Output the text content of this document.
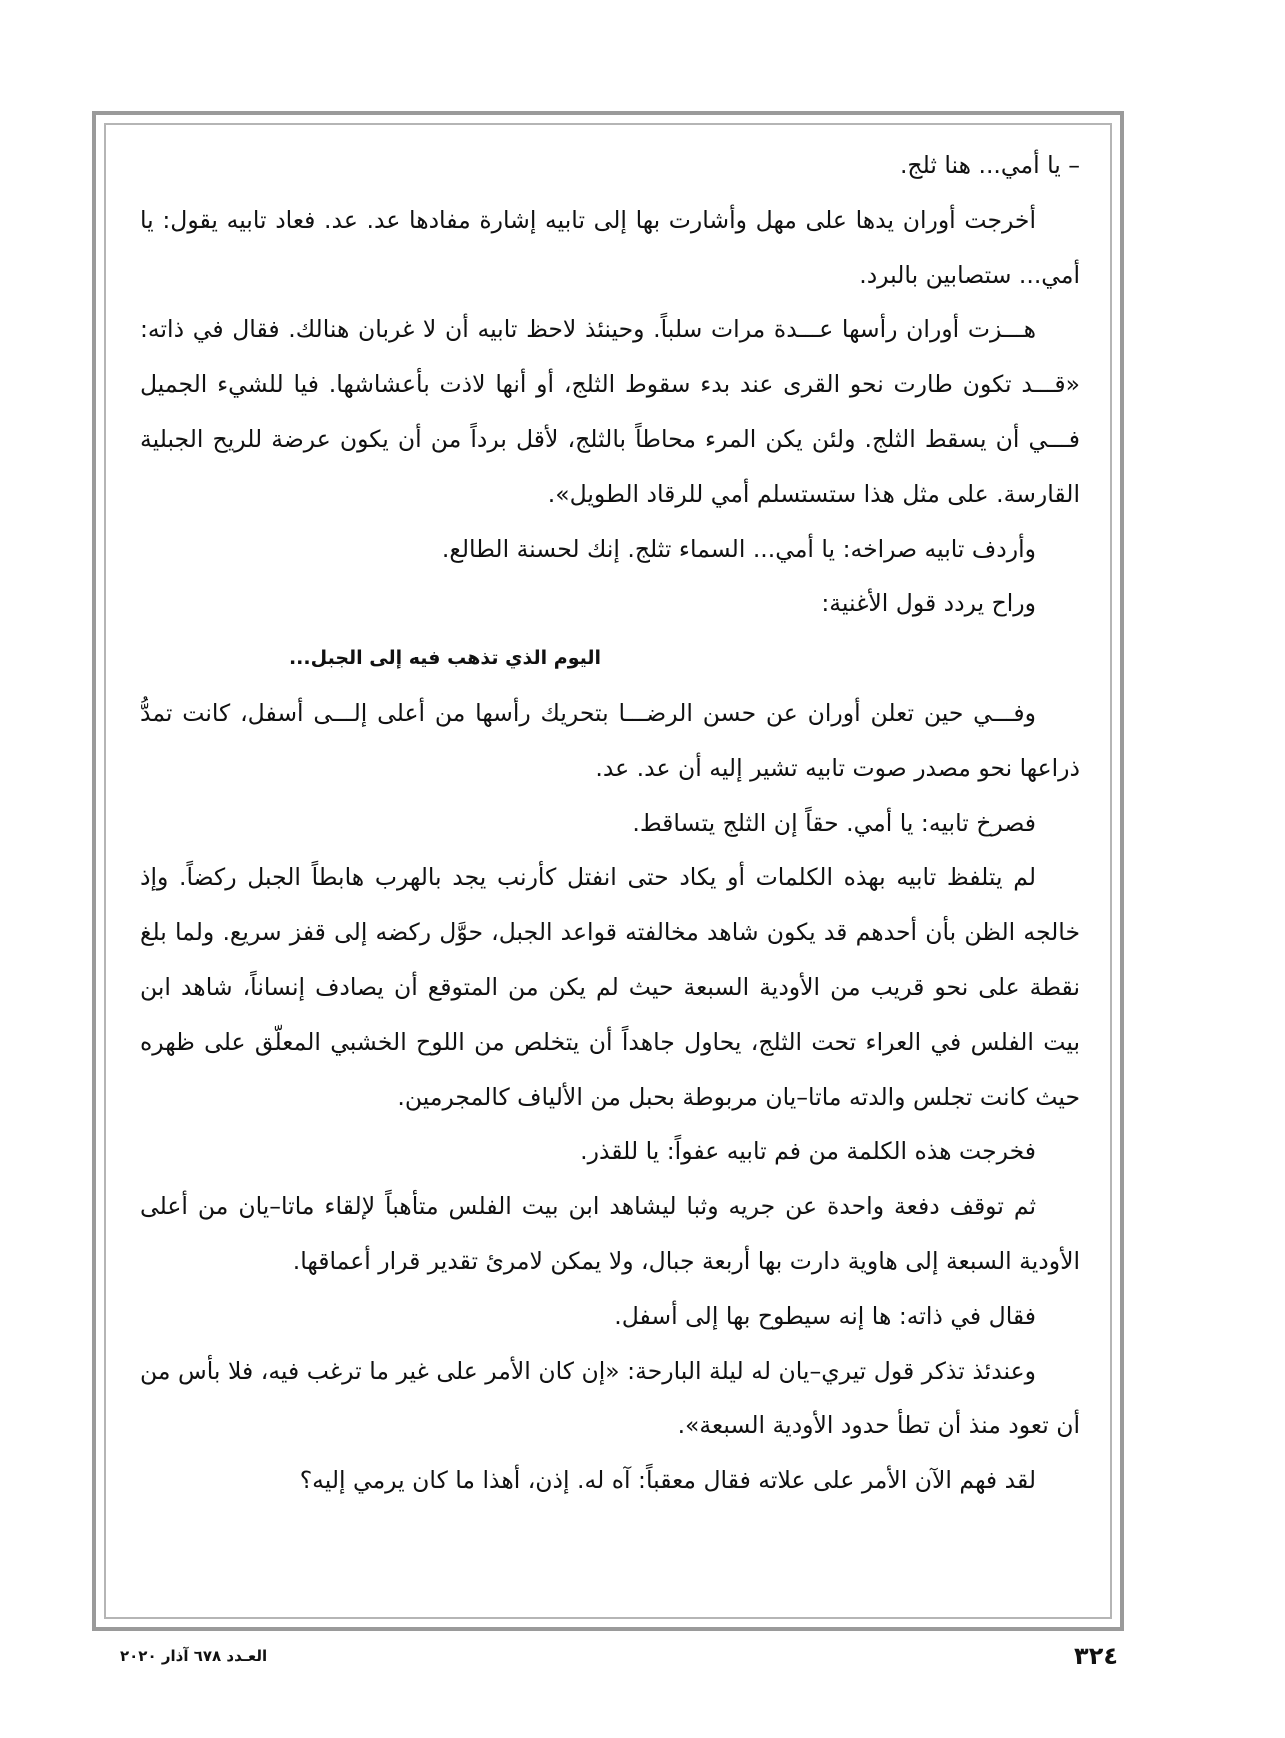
– يا أمي... هنا ثلج.

أخرجت أوران يدها على مهل وأشارت بها إلى تابيه إشارة مفادها عد. عد. فعاد تابيه يقول: يا أمي... ستصابين بالبرد.

هـــزت أوران رأسها عـــدة مرات سلباً. وحينئذ لاحظ تابيه أن لا غربان هنالك. فقال في ذاته: «قـــد تكون طارت نحو القرى عند بدء سقوط الثلج، أو أنها لاذت بأعشاشها. فيا للشيء الجميل فـــي أن يسقط الثلج. ولئن يكن المرء محاطاً بالثلج، لأقل برداً من أن يكون عرضة للريح الجبلية القارسة. على مثل هذا ستستسلم أمي للرقاد الطويل».

وأردف تابيه صراخه: يا أمي... السماء تثلج. إنك لحسنة الطالع.

وراح يردد قول الأغنية:

اليوم الذي تذهب فيه إلى الجبل...

وفـــي حين تعلن أوران عن حسن الرضـــا بتحريك رأسها من أعلى إلـــى أسفل، كانت تمدُّ ذراعها نحو مصدر صوت تابيه تشير إليه أن عد. عد.

فصرخ تابيه: يا أمي. حقاً إن الثلج يتساقط.

لم يتلفظ تابيه بهذه الكلمات أو يكاد حتى انفتل كأرنب يجد بالهرب هابطاً الجبل ركضاً. وإذ خالجه الظن بأن أحدهم قد يكون شاهد مخالفته قواعد الجبل، حوَّل ركضه إلى قفز سريع. ولما بلغ نقطة على نحو قريب من الأودية السبعة حيث لم يكن من المتوقع أن يصادف إنساناً، شاهد ابن بيت الفلس في العراء تحت الثلج، يحاول جاهداً أن يتخلص من اللوح الخشبي المعلّق على ظهره حيث كانت تجلس والدته ماتا–يان مربوطة بحبل من الألياف كالمجرمين.

فخرجت هذه الكلمة من فم تابيه عفواً: يا للقذر.

ثم توقف دفعة واحدة عن جريه وثبا ليشاهد ابن بيت الفلس متأهباً لإلقاء ماتا–يان من أعلى الأودية السبعة إلى هاوية دارت بها أربعة جبال، ولا يمكن لامرئ تقدير قرار أعماقها.

فقال في ذاته: ها إنه سيطوح بها إلى أسفل.

وعندئذ تذكر قول تيري–يان له ليلة البارحة: «إن كان الأمر على غير ما ترغب فيه، فلا بأس من أن تعود منذ أن تطأ حدود الأودية السبعة».

لقد فهم الآن الأمر على علاته فقال معقباً: آه له. إذن، أهذا ما كان يرمي إليه؟

٣٢٤
العـدد ٦٧٨ آذار ٢٠٢٠
